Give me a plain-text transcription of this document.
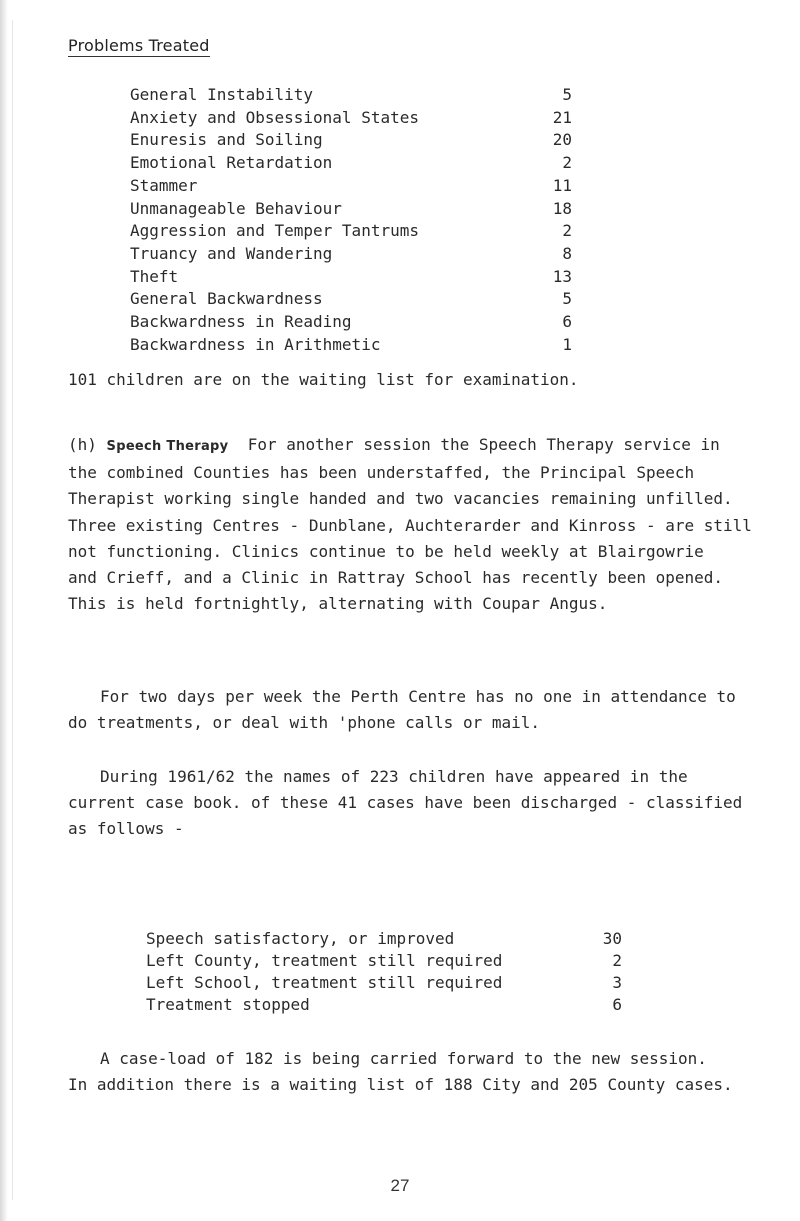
Problems Treated
General Instability	5
Anxiety and Obsessional States	21
Enuresis and Soiling	20
Emotional Retardation	2
Stammer	11
Unmanageable Behaviour	18
Aggression and Temper Tantrums	2
Truancy and Wandering	8
Theft	13
General Backwardness	5
Backwardness in Reading	6
Backwardness in Arithmetic	1

101 children are on the waiting list for examination.

(h) Speech Therapy For another session the Speech Therapy service in
the combined Counties has been understaffed, the Principal Speech
Therapist working single handed and two vacancies remaining unfilled.
Three existing Centres - Dunblane, Auchterarder and Kinross - are still
not functioning. Clinics continue to be held weekly at Blairgowrie
and Crieff, and a Clinic in Rattray School has recently been opened.
This is held fortnightly, alternating with Coupar Angus.
For two days per week the Perth Centre has no one in attendance to
do treatments, or deal with 'phone calls or mail.
During 1961/62 the names of 223 children have appeared in the
current case book. of these 41 cases have been discharged - classified
as follows -
Speech satisfactory, or improved	30
Left County, treatment still required	2
Left School, treatment still required	3
Treatment stopped	6
A case-load of 182 is being carried forward to the new session.
In addition there is a waiting list of 188 City and 205 County cases.

27
